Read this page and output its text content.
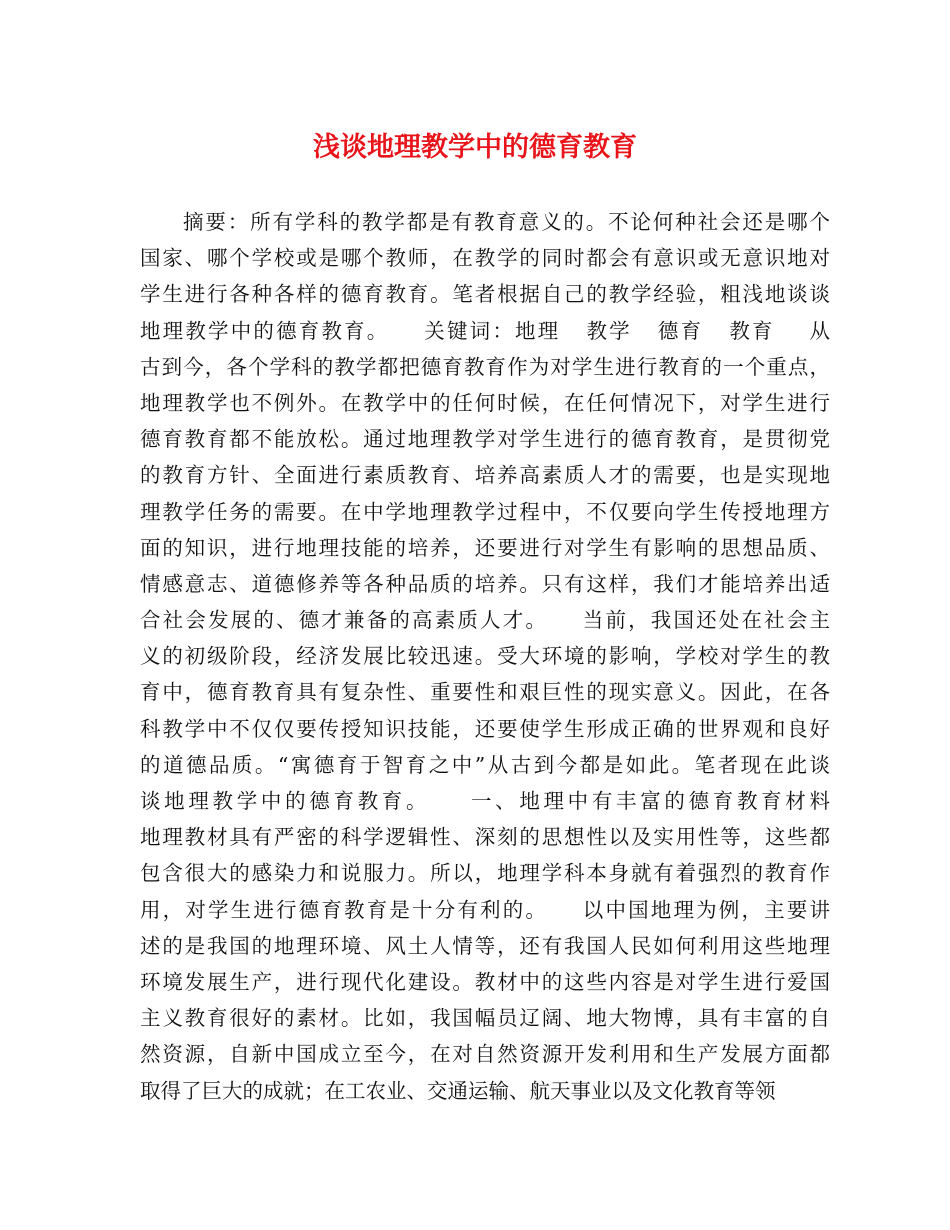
浅谈地理教学中的德育教育
摘要：所有学科的教学都是有教育意义的。不论何种社会还是哪个
国家、哪个学校或是哪个教师，在教学的同时都会有意识或无意识地对
学生进行各种各样的德育教育。笔者根据自己的教学经验，粗浅地谈谈
地理教学中的德育教育。    关键词：地理   教学   德育   教育    从
古到今，各个学科的教学都把德育教育作为对学生进行教育的一个重点，
地理教学也不例外。在教学中的任何时候，在任何情况下，对学生进行
德育教育都不能放松。通过地理教学对学生进行的德育教育，是贯彻党
的教育方针、全面进行素质教育、培养高素质人才的需要，也是实现地
理教学任务的需要。在中学地理教学过程中，不仅要向学生传授地理方
面的知识，进行地理技能的培养，还要进行对学生有影响的思想品质、
情感意志、道德修养等各种品质的培养。只有这样，我们才能培养出适
合社会发展的、德才兼备的高素质人才。    当前，我国还处在社会主
义的初级阶段，经济发展比较迅速。受大环境的影响，学校对学生的教
育中，德育教育具有复杂性、重要性和艰巨性的现实意义。因此，在各
科教学中不仅仅要传授知识技能，还要使学生形成正确的世界观和良好
的道德品质。“寓德育于智育之中”从古到今都是如此。笔者现在此谈
谈地理教学中的德育教育。    一、地理中有丰富的德育教育材料
地理教材具有严密的科学逻辑性、深刻的思想性以及实用性等，这些都
包含很大的感染力和说服力。所以，地理学科本身就有着强烈的教育作
用，对学生进行德育教育是十分有利的。    以中国地理为例，主要讲
述的是我国的地理环境、风土人情等，还有我国人民如何利用这些地理
环境发展生产，进行现代化建设。教材中的这些内容是对学生进行爱国
主义教育很好的素材。比如，我国幅员辽阔、地大物博，具有丰富的自
然资源，自新中国成立至今，在对自然资源开发利用和生产发展方面都
取得了巨大的成就；在工农业、交通运输、航天事业以及文化教育等领
